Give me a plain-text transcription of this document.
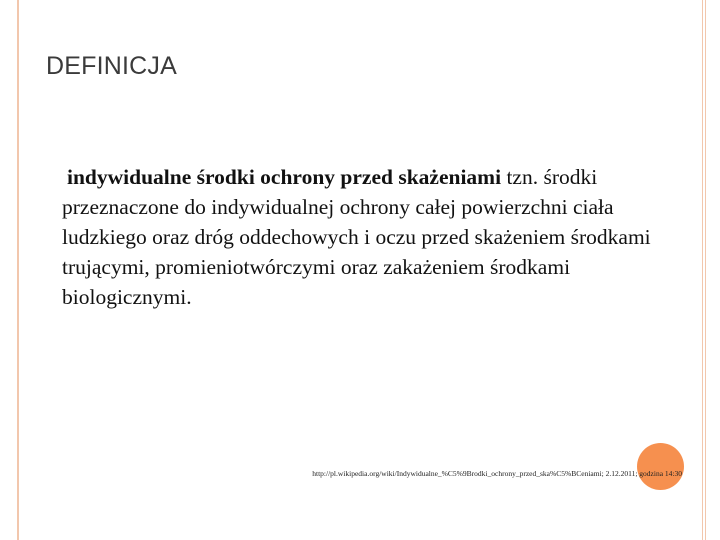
DEFINICJA
indywidualne środki ochrony przed skażeniami tzn. środki przeznaczone do indywidualnej ochrony całej powierzchni ciała ludzkiego oraz dróg oddechowych i oczu przed skażeniem środkami trującymi, promieniotwórczymi oraz zakażeniem środkami biologicznymi.
http://pl.wikipedia.org/wiki/Indywidualne_%C5%9Brodki_ochrony_przed_ska%C5%BCeniami; 2.12.2011; godzina 14:30
